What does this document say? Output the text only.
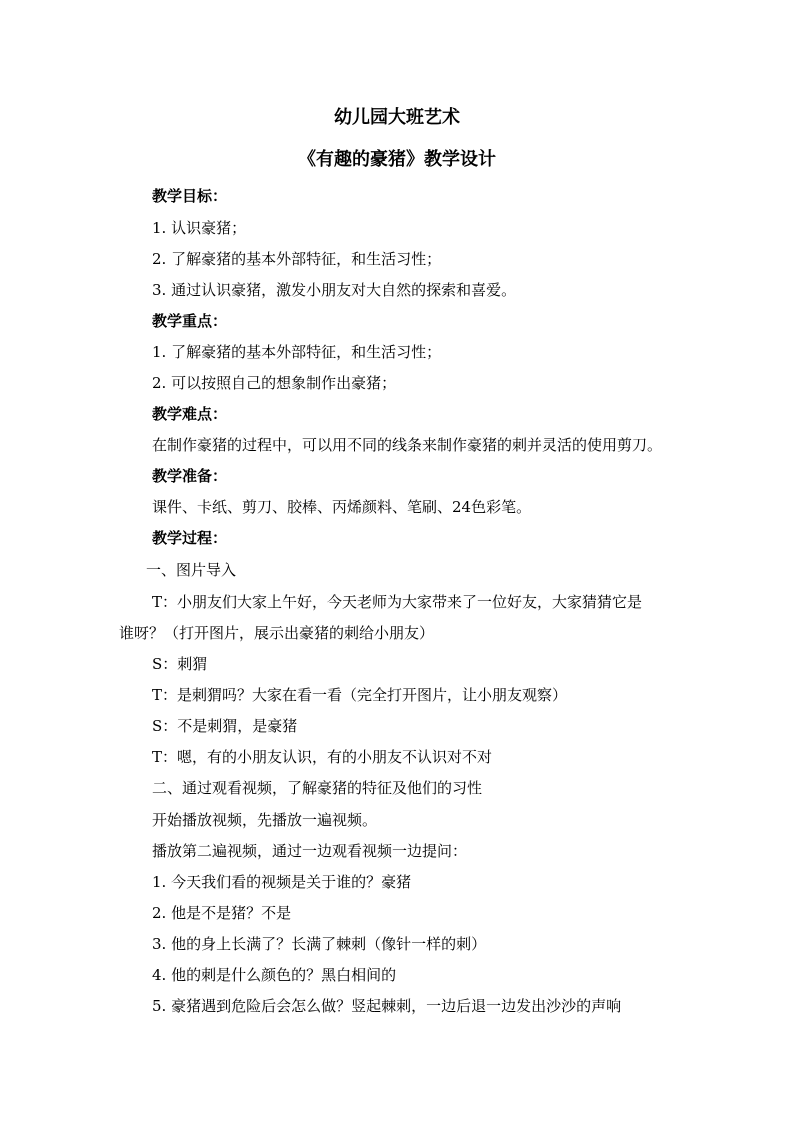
幼儿园大班艺术
《有趣的豪猪》教学设计
教学目标：
1. 认识豪猪；
2. 了解豪猪的基本外部特征，和生活习性；
3. 通过认识豪猪，激发小朋友对大自然的探索和喜爱。
教学重点：
1. 了解豪猪的基本外部特征，和生活习性；
2. 可以按照自己的想象制作出豪猪；
教学难点：
在制作豪猪的过程中，可以用不同的线条来制作豪猪的刺并灵活的使用剪刀。
教学准备：
课件、卡纸、剪刀、胶棒、丙烯颜料、笔刷、24色彩笔。
教学过程：
一、图片导入
T：小朋友们大家上午好，今天老师为大家带来了一位好友，大家猜猜它是
谁呀？（打开图片，展示出豪猪的刺给小朋友）
S：刺猬
T：是刺猬吗？大家在看一看（完全打开图片，让小朋友观察）
S：不是刺猬，是豪猪
T：嗯，有的小朋友认识，有的小朋友不认识对不对
二、通过观看视频，了解豪猪的特征及他们的习性
开始播放视频，先播放一遍视频。
播放第二遍视频，通过一边观看视频一边提问：
1. 今天我们看的视频是关于谁的？豪猪
2. 他是不是猪？不是
3. 他的身上长满了？长满了棘刺（像针一样的刺）
4. 他的刺是什么颜色的？黑白相间的
5. 豪猪遇到危险后会怎么做？竖起棘刺，一边后退一边发出沙沙的声响
